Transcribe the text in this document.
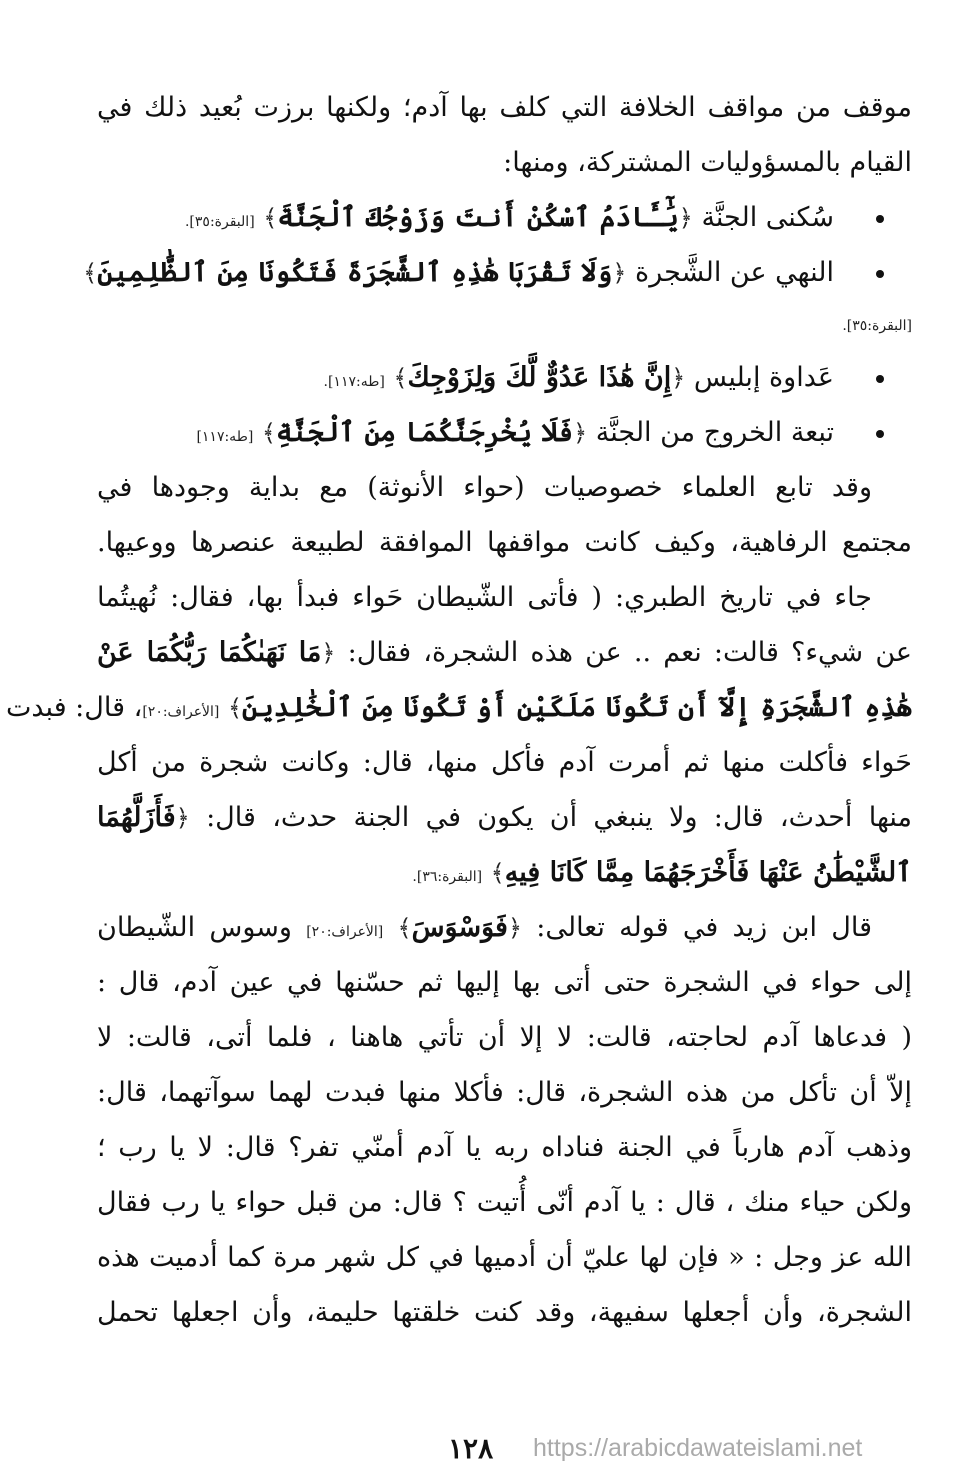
موقف من مواقف الخلافة التي كلف بها آدم؛ ولكنها برزت بُعيد ذلك في
القيام بالمسؤوليات المشتركة، ومنها:
سُكنى الجنَّة ﴿يَٰٓـَٔادَمُ ٱسْكُنْ أَنتَ وَزَوْجُكَ ٱلْجَنَّةَ﴾ [البقرة:٣٥].
النهي عن الشَّجرة ﴿وَلَا تَقْرَبَا هَٰذِهِ ٱلشَّجَرَةَ فَتَكُونَا مِنَ ٱلظَّٰلِمِينَ﴾
[البقرة:٣٥].
عَداوة إبليس ﴿إِنَّ هَٰذَا عَدُوٌّ لَّكَ وَلِزَوْجِكَ﴾ [طه:١١٧].
تبعة الخروج من الجنَّة ﴿فَلَا يُخْرِجَنَّكُمَا مِنَ ٱلْجَنَّةِ﴾ [طه:١١٧]
وقد تابع العلماء خصوصيات (حواء الأنوثة) مع بداية وجودها في
مجتمع الرفاهية، وكيف كانت مواقفها الموافقة لطبيعة عنصرها ووعيها.
جاء في تاريخ الطبري: ( فأتى الشّيطان حَواء فبدأ بها، فقال: نُهيتُما
عن شيء؟ قالت: نعم .. عن هذه الشجرة، فقال: ﴿مَا نَهَىٰكُمَا رَبُّكُمَا عَنْ
هَٰذِهِ ٱلشَّجَرَةِ إِلَّآ أَن تَكُونَا مَلَكَيْنِ أَوْ تَكُونَا مِنَ ٱلْخَٰلِدِينَ﴾ [الأعراف:٢٠]، قال: فبدت
حَواء فأكلت منها ثم أمرت آدم فأكل منها، قال: وكانت شجرة من أكل
منها أحدث، قال: ولا ينبغي أن يكون في الجنة حدث، قال: ﴿فَأَزَلَّهُمَا
ٱلشَّيْطَٰنُ عَنْهَا فَأَخْرَجَهُمَا مِمَّا كَانَا فِيهِ﴾ [البقرة:٣٦].
قال ابن زيد في قوله تعالى: ﴿فَوَسْوَسَ﴾ [الأعراف:٢٠] وسوس الشّيطان
إلى حواء في الشجرة حتى أتى بها إليها ثم حسّنها في عين آدم، قال :
( فدعاها آدم لحاجته، قالت: لا إلا أن تأتي هاهنا ، فلما أتى، قالت: لا
إلاّ أن تأكل من هذه الشجرة، قال: فأكلا منها فبدت لهما سوآتهما، قال:
وذهب آدم هارباً في الجنة فناداه ربه يا آدم أمنّي تفر؟ قال: لا يا رب ؛
ولكن حياء منك ، قال : يا آدم أنّى أُتيت ؟ قال: من قبل حواء يا رب فقال
الله عز وجل : « فإن لها عليّ أن أدميها في كل شهر مرة كما أدميت هذه
الشجرة، وأن أجعلها سفيهة، وقد كنت خلقتها حليمة، وأن اجعلها تحمل
١٢٨ https://arabicdawateislami.net
